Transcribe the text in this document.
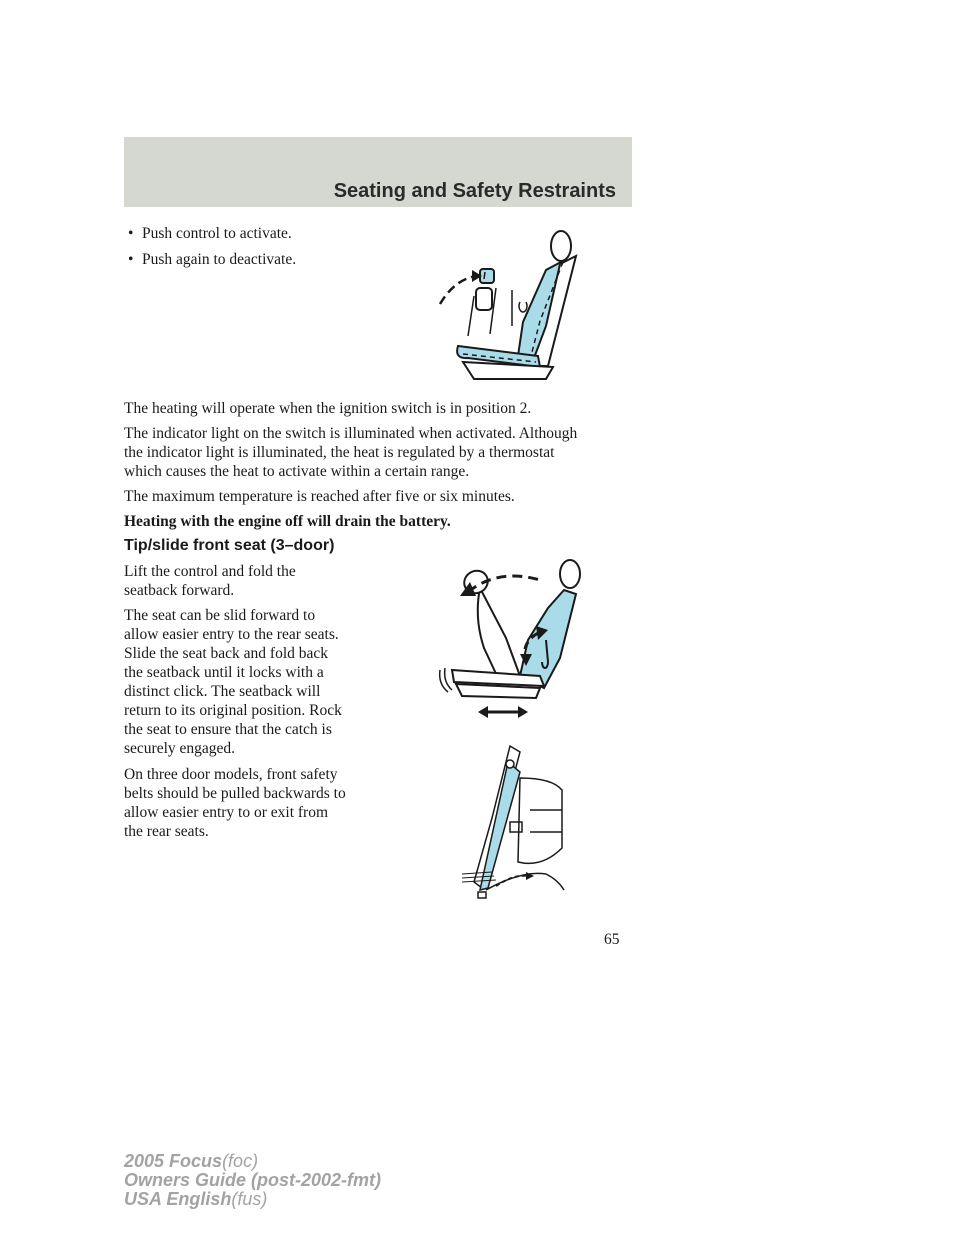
Seating and Safety Restraints
• Push control to activate.
• Push again to deactivate.
The heating will operate when the ignition switch is in position 2.
The indicator light on the switch is illuminated when activated. Although
the indicator light is illuminated, the heat is regulated by a thermostat
which causes the heat to activate within a certain range.
The maximum temperature is reached after five or six minutes.
Heating with the engine off will drain the battery.
Tip/slide front seat (3–door)
Lift the control and fold the
seatback forward.
The seat can be slid forward to
allow easier entry to the rear seats.
Slide the seat back and fold back
the seatback until it locks with a
distinct click. The seatback will
return to its original position. Rock
the seat to ensure that the catch is
securely engaged.
On three door models, front safety
belts should be pulled backwards to
allow easier entry to or exit from
the rear seats.
65
2005 Focus(foc)
Owners Guide (post-2002-fmt)
USA English(fus)
